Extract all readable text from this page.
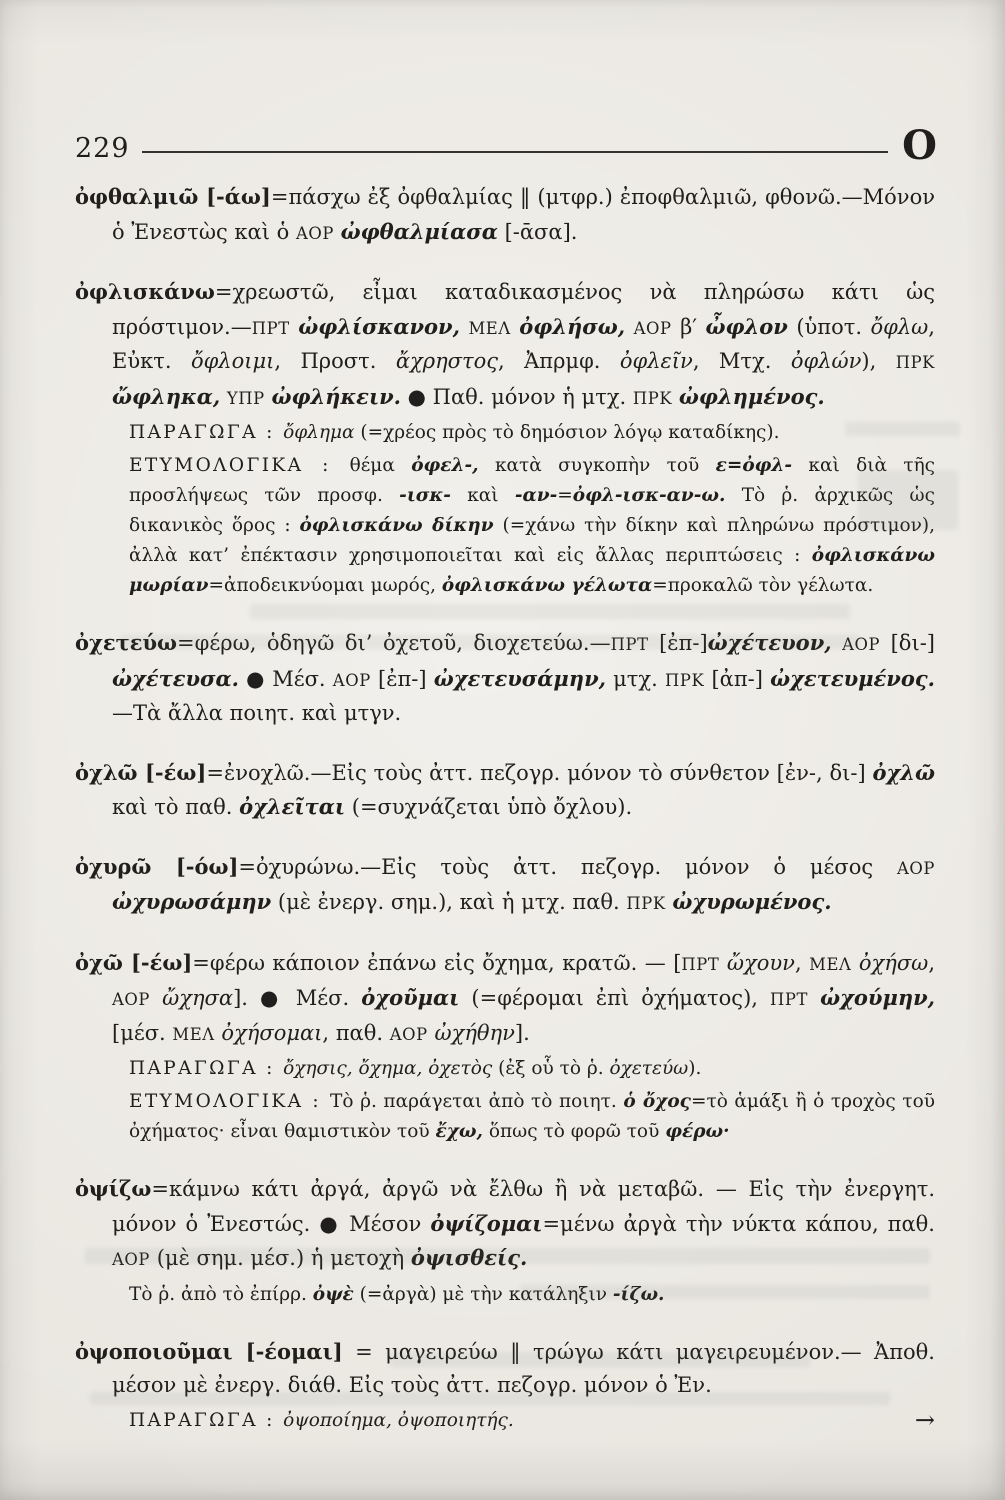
229	O

ὀφθαλμιῶ [-άω]=πάσχω ἐξ ὀφθαλμίας ‖ (μτφρ.) ἐποφθαλμιῶ, φθονῶ.—Μόνον ὁ Ἐνεστὼς καὶ ὁ ΑΟΡ ὠφθαλμίασα [-ᾱσα].

ὀφλισκάνω=χρεωστῶ, εἶμαι καταδικασμένος νὰ πληρώσω κάτι ὡς πρόστιμον.—ΠΡΤ ὠφλίσκανον, ΜΕΛ ὀφλήσω, ΑΟΡ β′ ὦφλον (ὑποτ. ὄφλω, Εὐκτ. ὄφλοιμι, Προστ. ἄχρηστος, Ἀπρμφ. ὀφλεῖν, Μτχ. ὀφλών), ΠΡΚ ὤφληκα, ΥΠΡ ὠφλήκειν. ● Παθ. μόνον ἡ μτχ. ΠΡΚ ὠφλημένος.

ΠΑΡΑΓΩΓΑ : ὄφλημα (=χρέος πρὸς τὸ δημόσιον λόγῳ καταδίκης).

ΕΤΥΜΟΛΟΓΙΚΑ : θέμα ὀφελ-, κατὰ συγκοπὴν τοῦ ε=ὀφλ- καὶ διὰ τῆς προσλήψεως τῶν προσφ. -ισκ- καὶ -αν-=ὀφλ-ισκ-αν-ω. Τὸ ῥ. ἀρχικῶς ὡς δικανικὸς ὅρος : ὀφλισκάνω δίκην (=χάνω τὴν δίκην καὶ πληρώνω πρόστιμον), ἀλλὰ κατ’ ἐπέκτασιν χρησιμοποιεῖται καὶ εἰς ἄλλας περιπτώσεις : ὀφλισκάνω μωρίαν=ἀποδεικνύομαι μωρός, ὀφλισκάνω γέλωτα=προκαλῶ τὸν γέλωτα.

ὀχετεύω=φέρω, ὁδηγῶ δι’ ὀχετοῦ, διοχετεύω.—ΠΡΤ [ἐπ-]ὠχέτευον, ΑΟΡ [δι-] ὠχέτευσα. ● Μέσ. ΑΟΡ [ἐπ-] ὠχετευσάμην, μτχ. ΠΡΚ [ἀπ-] ὠχετευμένος.—Τὰ ἄλλα ποιητ. καὶ μτγν.

ὀχλῶ [-έω]=ἐνοχλῶ.—Εἰς τοὺς ἀττ. πεζογρ. μόνον τὸ σύνθετον [ἐν-, δι-] ὀχλῶ καὶ τὸ παθ. ὀχλεῖται (=συχνάζεται ὑπὸ ὄχλου).

ὀχυρῶ [-όω]=ὀχυρώνω.—Εἰς τοὺς ἀττ. πεζογρ. μόνον ὁ μέσος ΑΟΡ ὠχυρωσάμην (μὲ ἐνεργ. σημ.), καὶ ἡ μτχ. παθ. ΠΡΚ ὠχυρωμένος.

ὀχῶ [-έω]=φέρω κάποιον ἐπάνω εἰς ὄχημα, κρατῶ. — [ΠΡΤ ὤχουν, ΜΕΛ ὀχήσω, ΑΟΡ ὤχησα]. ● Μέσ. ὀχοῦμαι (=φέρομαι ἐπὶ ὀχήματος), ΠΡΤ ὠχούμην, [μέσ. ΜΕΛ ὀχήσομαι, παθ. ΑΟΡ ὠχήθην].

ΠΑΡΑΓΩΓΑ : ὄχησις, ὄχημα, ὀχετὸς (ἐξ οὗ τὸ ῥ. ὀχετεύω).

ΕΤΥΜΟΛΟΓΙΚΑ : Τὸ ῥ. παράγεται ἀπὸ τὸ ποιητ. ὁ ὄχος=τὸ ἁμάξι ἢ ὁ τροχὸς τοῦ ὀχήματος· εἶναι θαμιστικὸν τοῦ ἔχω, ὅπως τὸ φορῶ τοῦ φέρω·

ὀψίζω=κάμνω κάτι ἀργά, ἀργῶ νὰ ἔλθω ἢ νὰ μεταβῶ. — Εἰς τὴν ἐνεργητ. μόνον ὁ Ἐνεστώς. ● Μέσον ὀψίζομαι=μένω ἀργὰ τὴν νύκτα κάπου, παθ. ΑΟΡ (μὲ σημ. μέσ.) ἡ μετοχὴ ὀψισθείς.

Τὸ ῥ. ἀπὸ τὸ ἐπίρρ. ὀψὲ (=ἀργὰ) μὲ τὴν κατάληξιν -ίζω.

ὀψοποιοῦμαι [-έομαι] = μαγειρεύω ‖ τρώγω κάτι μαγειρευμένον.— Ἀποθ. μέσον μὲ ἐνεργ. διάθ. Εἰς τοὺς ἀττ. πεζογρ. μόνον ὁ Ἐν.

→
ΠΑΡΑΓΩΓΑ : ὀψοποίημα, ὀψοποιητής.
